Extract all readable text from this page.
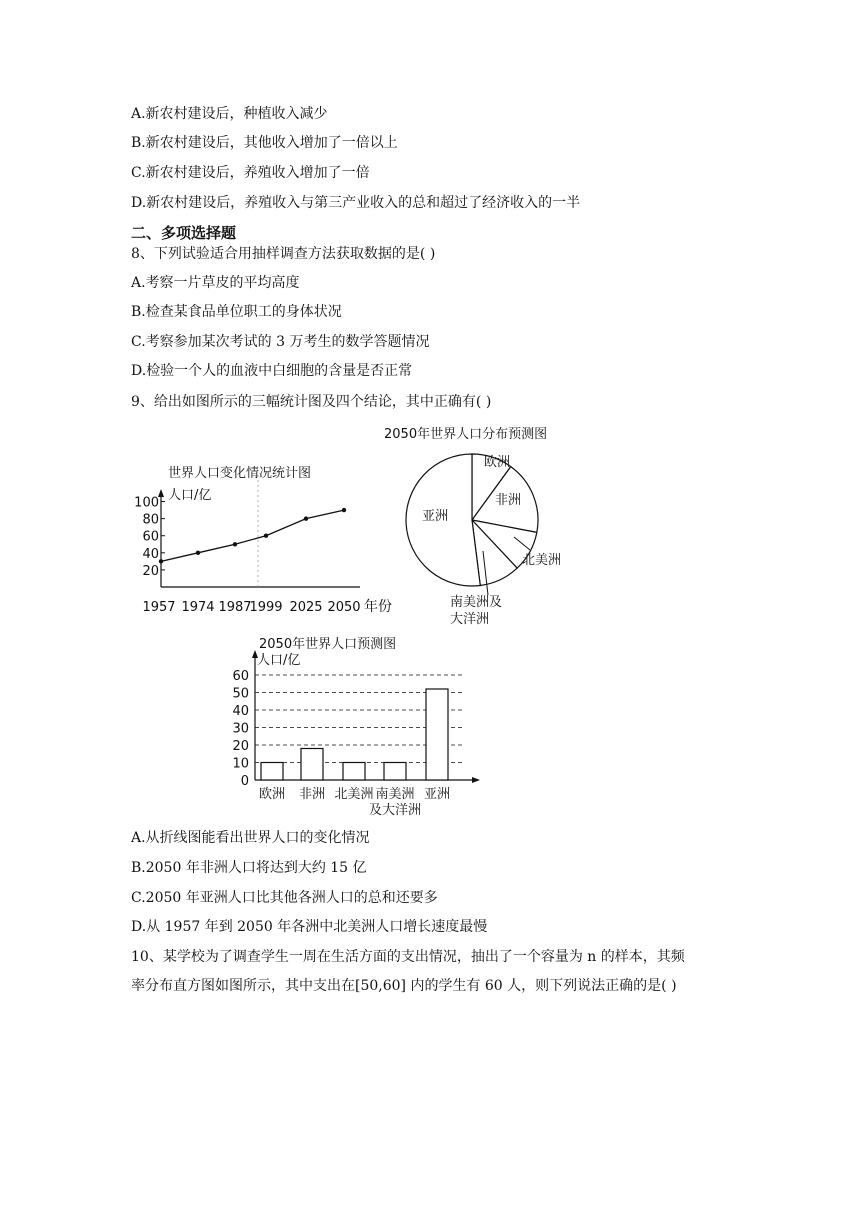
A.新农村建设后，种植收入减少
B.新农村建设后，其他收入增加了一倍以上
C.新农村建设后，养殖收入增加了一倍
D.新农村建设后，养殖收入与第三产业收入的总和超过了经济收入的一半
二、多项选择题
8、下列试验适合用抽样调查方法获取数据的是( )
A.考察一片草皮的平均高度
B.检查某食品单位职工的身体状况
C.考察参加某次考试的 3 万考生的数学答题情况
D.检验一个人的血液中白细胞的含量是否正常
9、给出如图所示的三幅统计图及四个结论，其中正确有( )
世界人口变化情况统计图
人口/亿
20
40
60
80
100
1957 1974 1987
1999 2025 2050 年份
2050年世界人口分布预测图
欧洲
非洲
北美洲
南美洲及大洋洲
亚洲
2050年世界人口预测图
人口/亿
0
10
20
30
40
50
60
欧洲 非洲 北美洲 南美洲
及大洋洲
亚洲
A.从折线图能看出世界人口的变化情况
B.2050 年非洲人口将达到大约 15 亿
C.2050 年亚洲人口比其他各洲人口的总和还要多
D.从 1957 年到 2050 年各洲中北美洲人口增长速度最慢
10、某学校为了调查学生一周在生活方面的支出情况，抽出了一个容量为 n 的样本，其频
率分布直方图如图所示，其中支出在[50,60] 内的学生有 60 人，则下列说法正确的是( )
